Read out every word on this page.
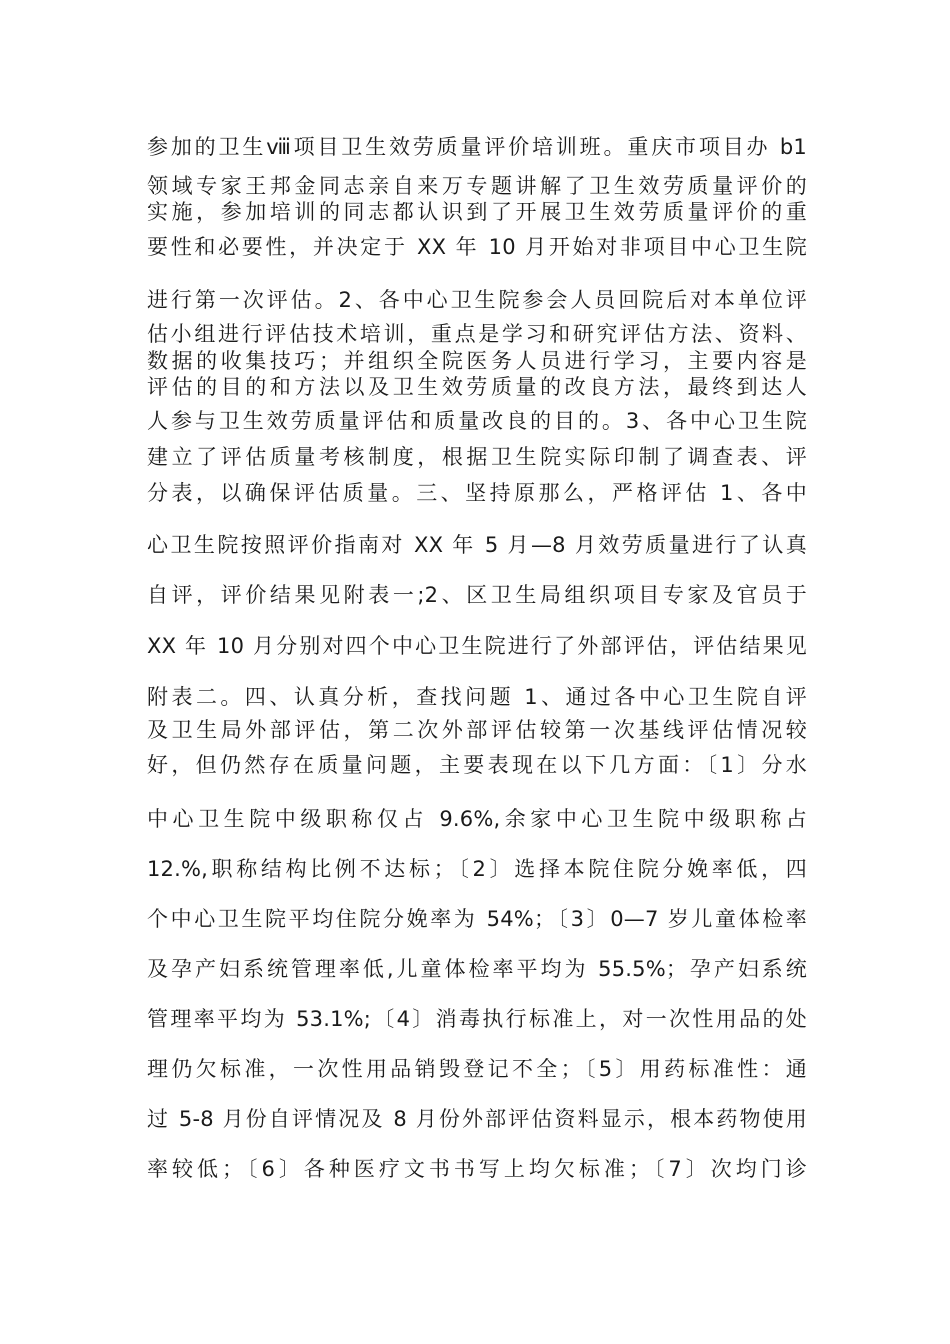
参加的卫生ⅷ项目卫生效劳质量评价培训班。重庆市项目办 b1
领域专家王邦金同志亲自来万专题讲解了卫生效劳质量评价的
实施，参加培训的同志都认识到了开展卫生效劳质量评价的重
要性和必要性，并决定于 XX 年 10 月开始对非项目中心卫生院
进行第一次评估。2、各中心卫生院参会人员回院后对本单位评
估小组进行评估技术培训，重点是学习和研究评估方法、资料、
数据的收集技巧；并组织全院医务人员进行学习，主要内容是
评估的目的和方法以及卫生效劳质量的改良方法，最终到达人
人参与卫生效劳质量评估和质量改良的目的。3、各中心卫生院
建立了评估质量考核制度，根据卫生院实际印制了调查表、评
分表，以确保评估质量。三、坚持原那么，严格评估 1、各中
心卫生院按照评价指南对 XX 年 5 月—8 月效劳质量进行了认真
自评，评价结果见附表一;2、区卫生局组织项目专家及官员于
XX 年 10 月分别对四个中心卫生院进行了外部评估，评估结果见
附表二。四、认真分析，查找问题 1、通过各中心卫生院自评
及卫生局外部评估，第二次外部评估较第一次基线评估情况较
好，但仍然存在质量问题，主要表现在以下几方面：〔1〕分水
中心卫生院中级职称仅占 9.6%,余家中心卫生院中级职称占
12.%,职称结构比例不达标；〔2〕选择本院住院分娩率低，四
个中心卫生院平均住院分娩率为 54%；〔3〕0—7 岁儿童体检率
及孕产妇系统管理率低,儿童体检率平均为 55.5%；孕产妇系统
管理率平均为 53.1%;〔4〕消毒执行标准上，对一次性用品的处
理仍欠标准，一次性用品销毁登记不全；〔5〕用药标准性：通
过 5-8 月份自评情况及 8 月份外部评估资料显示，根本药物使用
率较低；〔6〕各种医疗文书书写上均欠标准；〔7〕次均门诊
